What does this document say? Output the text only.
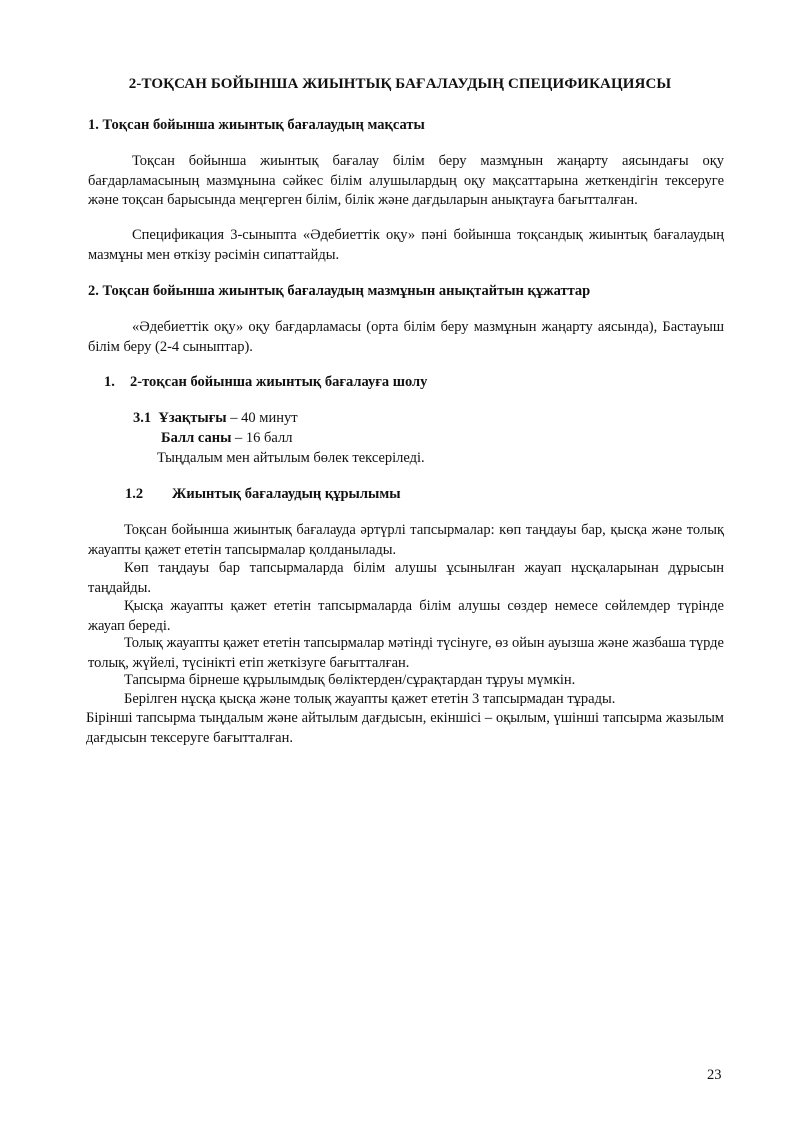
2-ТОҚСАН БОЙЫНША ЖИЫНТЫҚ БАҒАЛАУДЫҢ СПЕЦИФИКАЦИЯСЫ
1. Тоқсан бойынша жиынтық бағалаудың мақсаты
Тоқсан бойынша жиынтық бағалау білім беру мазмұнын жаңарту аясындағы оқу бағдарламасының мазмұнына сәйкес білім алушылардың оқу мақсаттарына жеткендігін тексеруге және тоқсан барысында меңгерген білім, білік және дағдыларын анықтауға бағытталған.
Спецификация 3-сыныпта «Әдебиеттік оқу» пәні бойынша тоқсандық жиынтық бағалаудың мазмұны мен өткізу рәсімін сипаттайды.
2. Тоқсан бойынша жиынтық бағалаудың мазмұнын анықтайтын құжаттар
«Әдебиеттік оқу» оқу бағдарламасы (орта білім беру мазмұнын жаңарту аясында), Бастауыш білім беру (2-4 сыныптар).
1. 2-тоқсан бойынша жиынтық бағалауға шолу
3.1 Ұзақтығы – 40 минут
Балл саны – 16 балл
Тыңдалым мен айтылым бөлек тексеріледі.
1.2 Жиынтық бағалаудың құрылымы
Тоқсан бойынша жиынтық бағалауда әртүрлі тапсырмалар: көп таңдауы бар, қысқа және толық жауапты қажет ететін тапсырмалар қолданылады.
Көп таңдауы бар тапсырмаларда білім алушы ұсынылған жауап нұсқаларынан дұрысын таңдайды.
Қысқа жауапты қажет ететін тапсырмаларда білім алушы сөздер немесе сөйлемдер түрінде жауап береді.
Толық жауапты қажет ететін тапсырмалар мәтінді түсінуге, өз ойын ауызша және жазбаша түрде толық, жүйелі, түсінікті етіп жеткізуге бағытталған.
Тапсырма бірнеше құрылымдық бөліктерден/сұрақтардан тұруы мүмкін.
Берілген нұсқа қысқа және толық жауапты қажет ететін 3 тапсырмадан тұрады.
Бірінші тапсырма тыңдалым және айтылым дағдысын, екіншісі – оқылым, үшінші тапсырма жазылым дағдысын тексеруге бағытталған.
23
